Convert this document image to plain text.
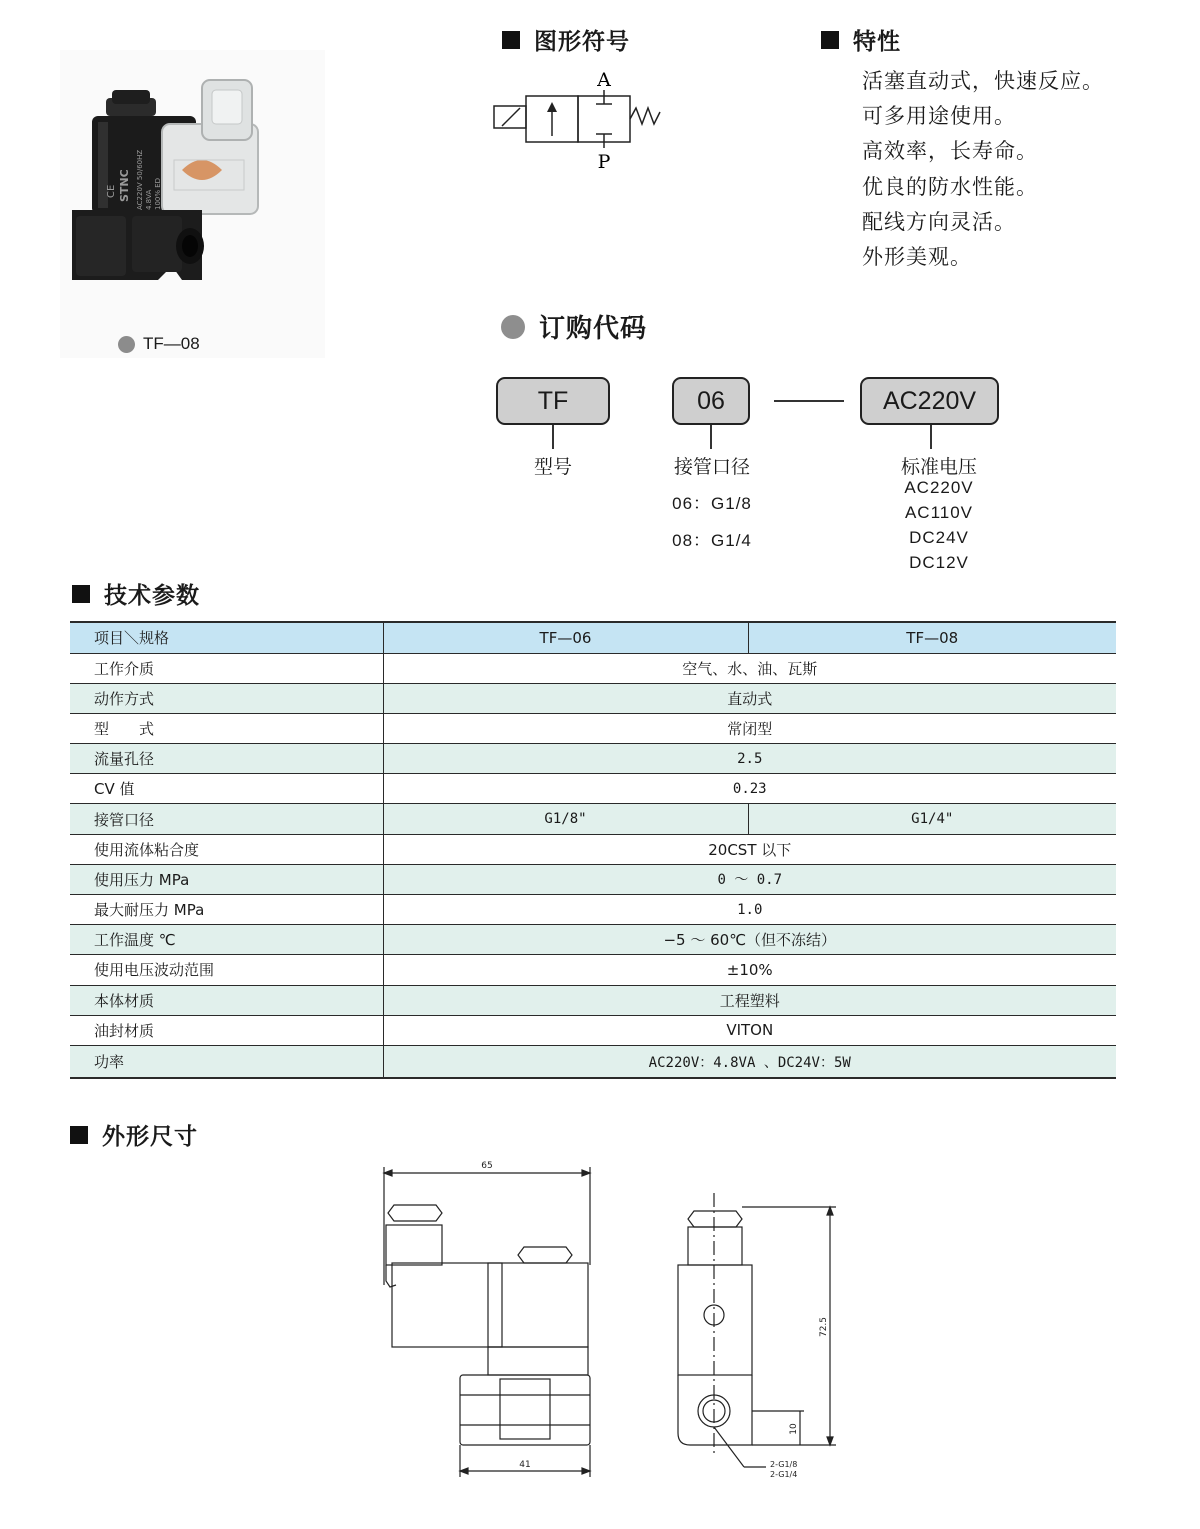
STNC AC220V 50/60HZ 4.8VA 100% ED
CE
TF—08
图形符号
A
P
特性
活塞直动式，快速反应。
可多用途使用。
高效率，长寿命。
优良的防水性能。
配线方向灵活。
外形美观。
订购代码
TF
型号
06
接管口径
06：G1/8
08：G1/4
AC220V
标准电压
AC220V
AC110V
DC24V
DC12V
技术参数
项目＼规格	TF—06	TF—08
工作介质	空气、水、油、瓦斯	
动作方式	直动式	
型　　式	常闭型	
流量孔径	2.5	
CV 值	0.23	
接管口径	G1/8"	G1/4"
使用流体粘合度	20CST 以下	
使用压力 MPa	0 ～ 0.7	
最大耐压力 MPa	1.0	
工作温度 ℃	−5 ～ 60℃（但不冻结）	
使用电压波动范围	±10%	
本体材质	工程塑料	
油封材质	VITON	
功率	AC220V：4.8VA 、DC24V：5W	
外形尺寸
65
41
72.5
10
2-G1/8
2-G1/4
